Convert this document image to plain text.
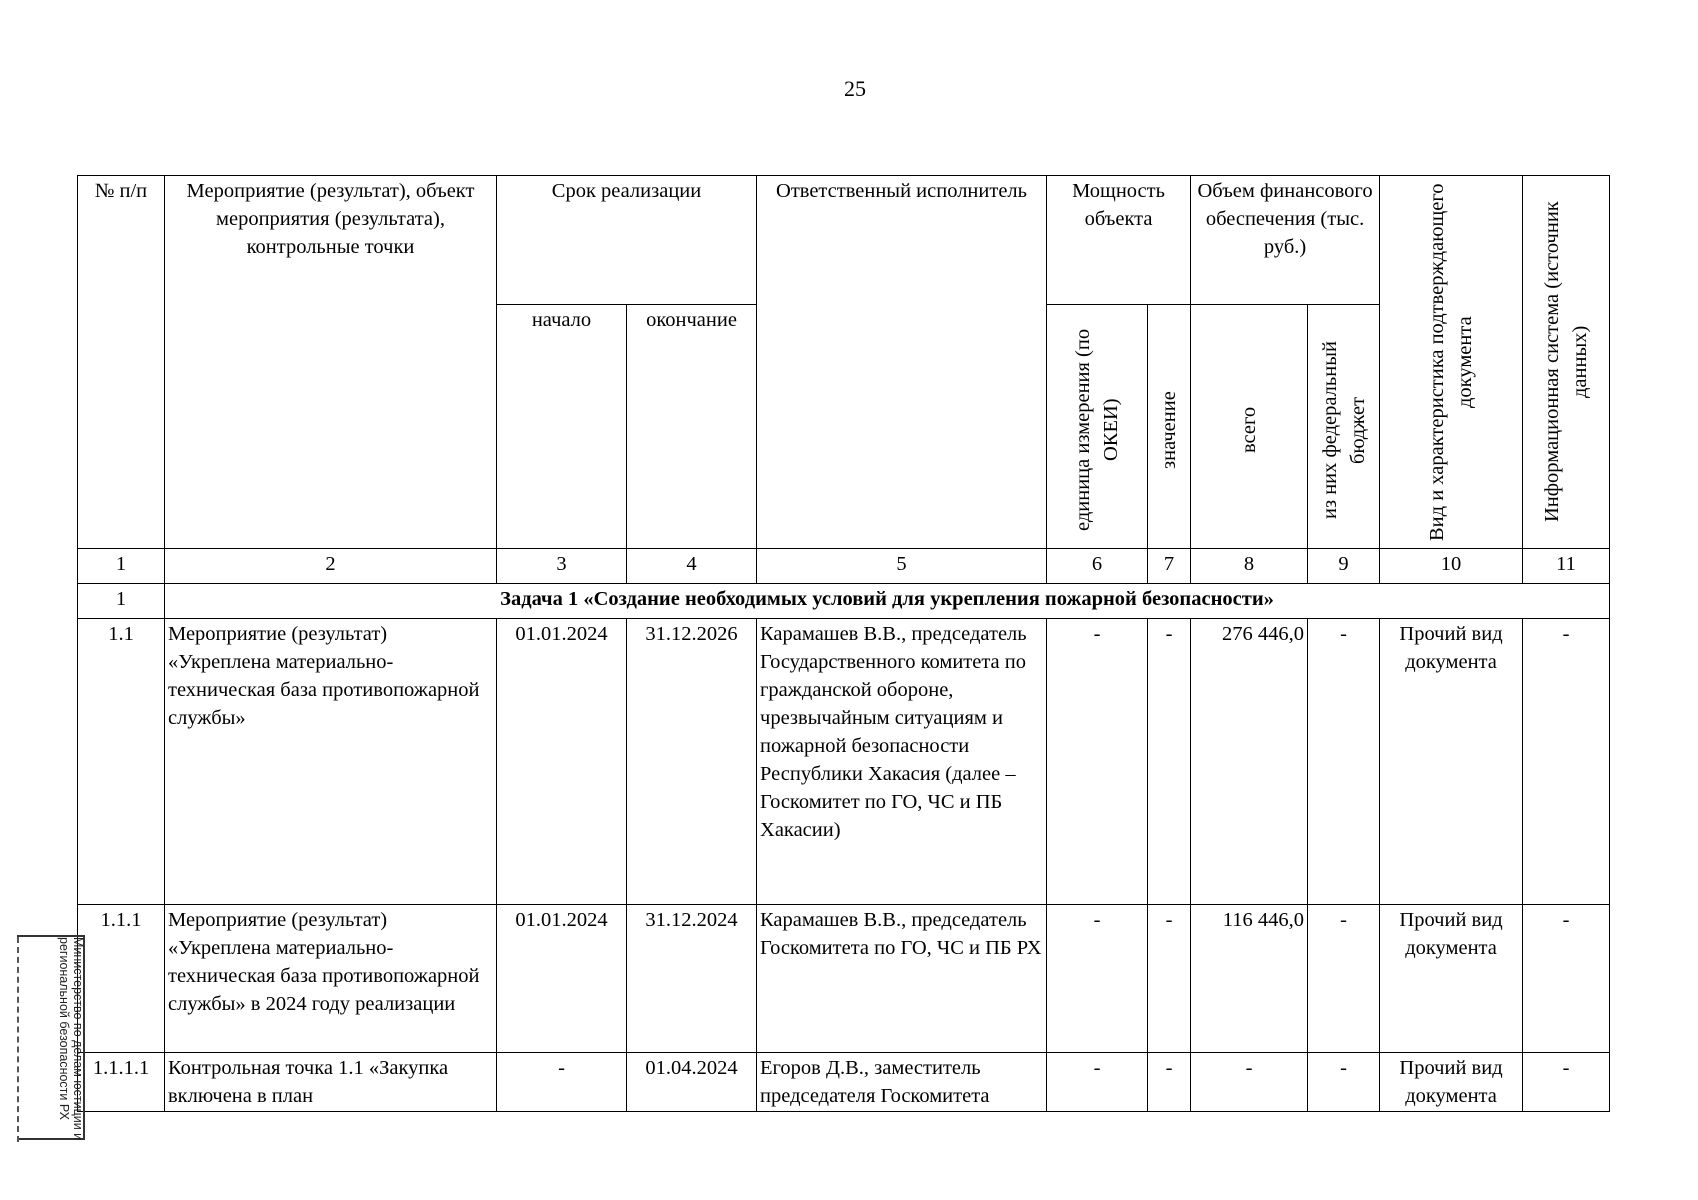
25
№ п/п	Мероприятие (результат), объект мероприятия (результата), контрольные точки	Срок реализации		Ответственный исполнитель	Мощность объекта		Объем финансового обеспечения (тыс. руб.)		Вид и характеристика подтверждающего документа	Информационная система (источник данных)

		начало	окончание		единица измерения (по ОКЕИ)	значение	всего	из них федеральный бюджет		

1	2	3	4	5	6	7	8	9	10	11
1	Задача 1 «Создание необходимых условий для укрепления пожарной безопасности»									
1.1	Мероприятие (результат) «Укреплена материально-техническая база противопожарной службы»	01.01.2024	31.12.2026	Карамашев В.В., председатель Государственного комитета по гражданской обороне, чрезвычайным ситуациям и пожарной безопасности Республики Хакасия (далее – Госкомитет по ГО, ЧС и ПБ Хакасии)	-	-	276 446,0	-	Прочий вид документа	-
1.1.1	Мероприятие (результат) «Укреплена материально-техническая база противопожарной службы» в 2024 году реализации	01.01.2024	31.12.2024	Карамашев В.В., председатель Госкомитета по ГО, ЧС и ПБ РХ	-	-	116 446,0	-	Прочий вид документа	-
1.1.1.1	Контрольная точка 1.1 «Закупка включена в план	-	01.04.2024	Егоров Д.В., заместитель председателя Госкомитета	-	-	-	-	Прочий вид документа	-
Министерство по делам юстиции и региональной безопасности РХ
